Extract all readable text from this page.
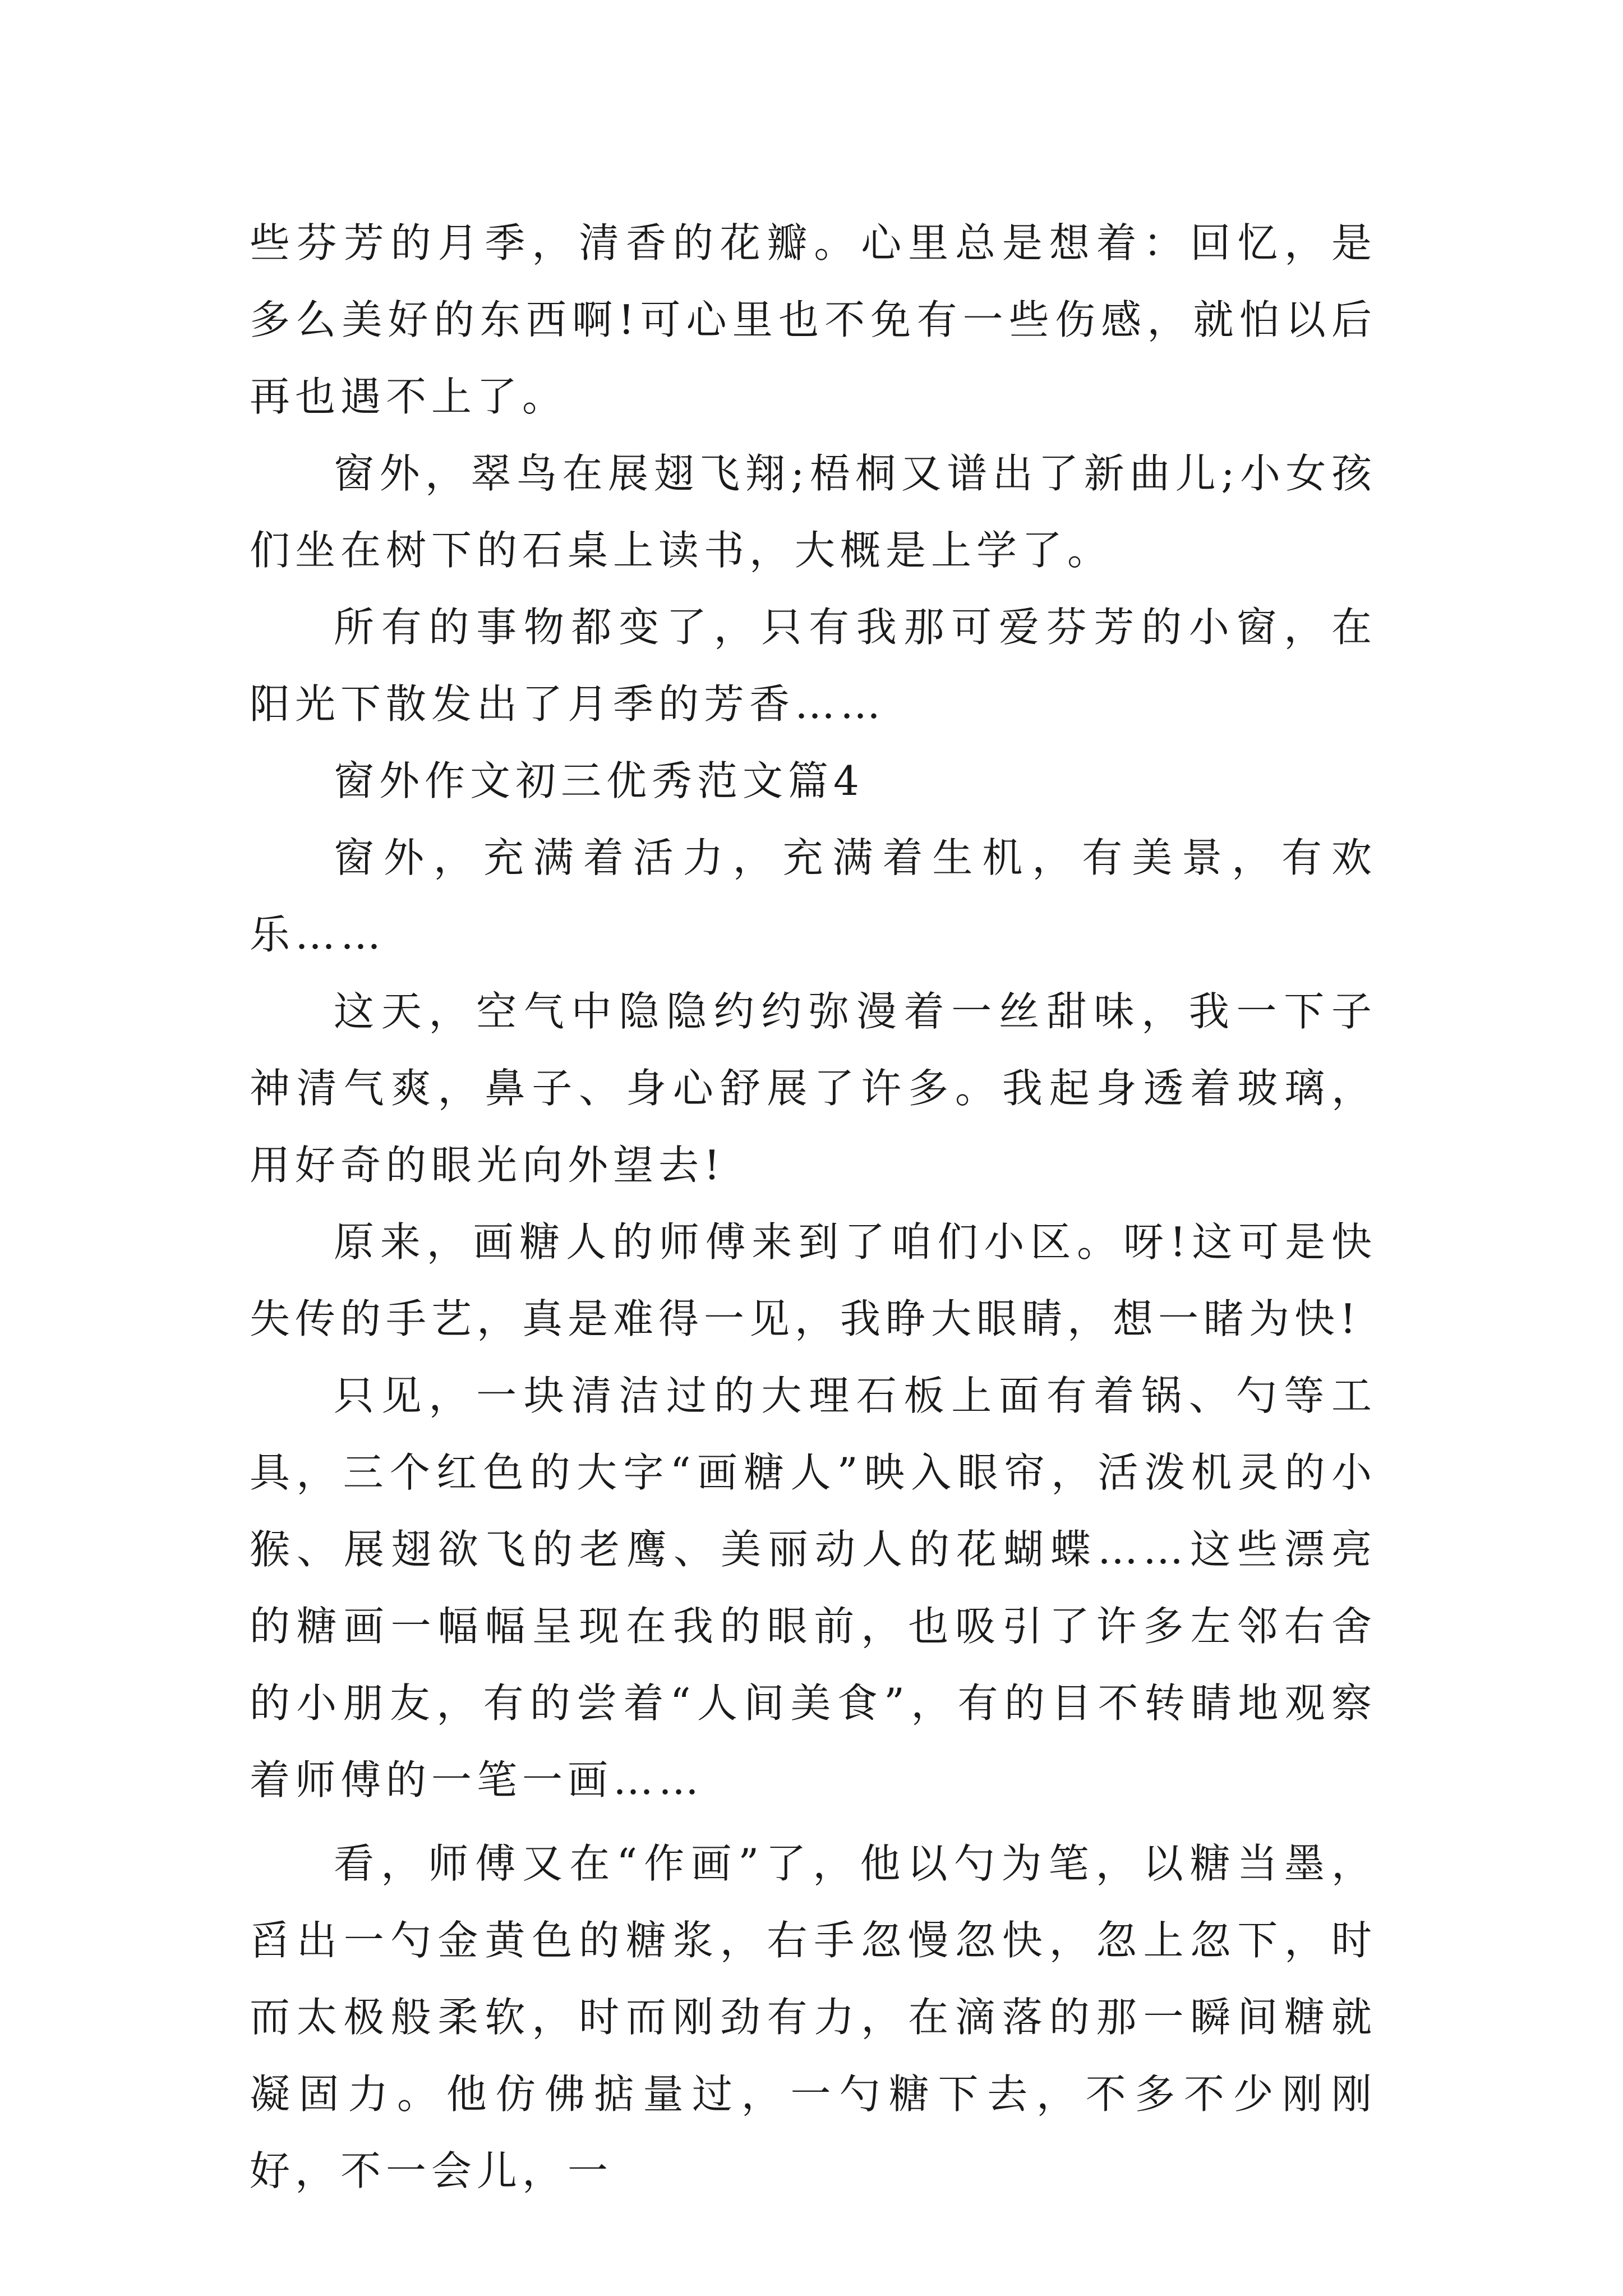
些芬芳的月季，清香的花瓣。心里总是想着：回忆，是多么美好的东西啊!可心里也不免有一些伤感，就怕以后再也遇不上了。

窗外，翠鸟在展翅飞翔;梧桐又谱出了新曲儿;小女孩们坐在树下的石桌上读书，大概是上学了。

所有的事物都变了，只有我那可爱芬芳的小窗，在阳光下散发出了月季的芳香……

窗外作文初三优秀范文篇4

窗外，充满着活力，充满着生机，有美景，有欢乐……

这天，空气中隐隐约约弥漫着一丝甜味，我一下子神清气爽，鼻子、身心舒展了许多。我起身透着玻璃，用好奇的眼光向外望去!

原来，画糖人的师傅来到了咱们小区。呀!这可是快失传的手艺，真是难得一见，我睁大眼睛，想一睹为快!

只见，一块清洁过的大理石板上面有着锅、勺等工具，三个红色的大字“画糖人”映入眼帘，活泼机灵的小猴、展翅欲飞的老鹰、美丽动人的花蝴蝶……这些漂亮的糖画一幅幅呈现在我的眼前，也吸引了许多左邻右舍的小朋友，有的尝着“人间美食”，有的目不转睛地观察着师傅的一笔一画……

看，师傅又在“作画”了，他以勺为笔，以糖当墨，舀出一勺金黄色的糖浆，右手忽慢忽快，忽上忽下，时而太极般柔软，时而刚劲有力，在滴落的那一瞬间糖就凝固力。他仿佛掂量过，一勺糖下去，不多不少刚刚好，不一会儿，一
